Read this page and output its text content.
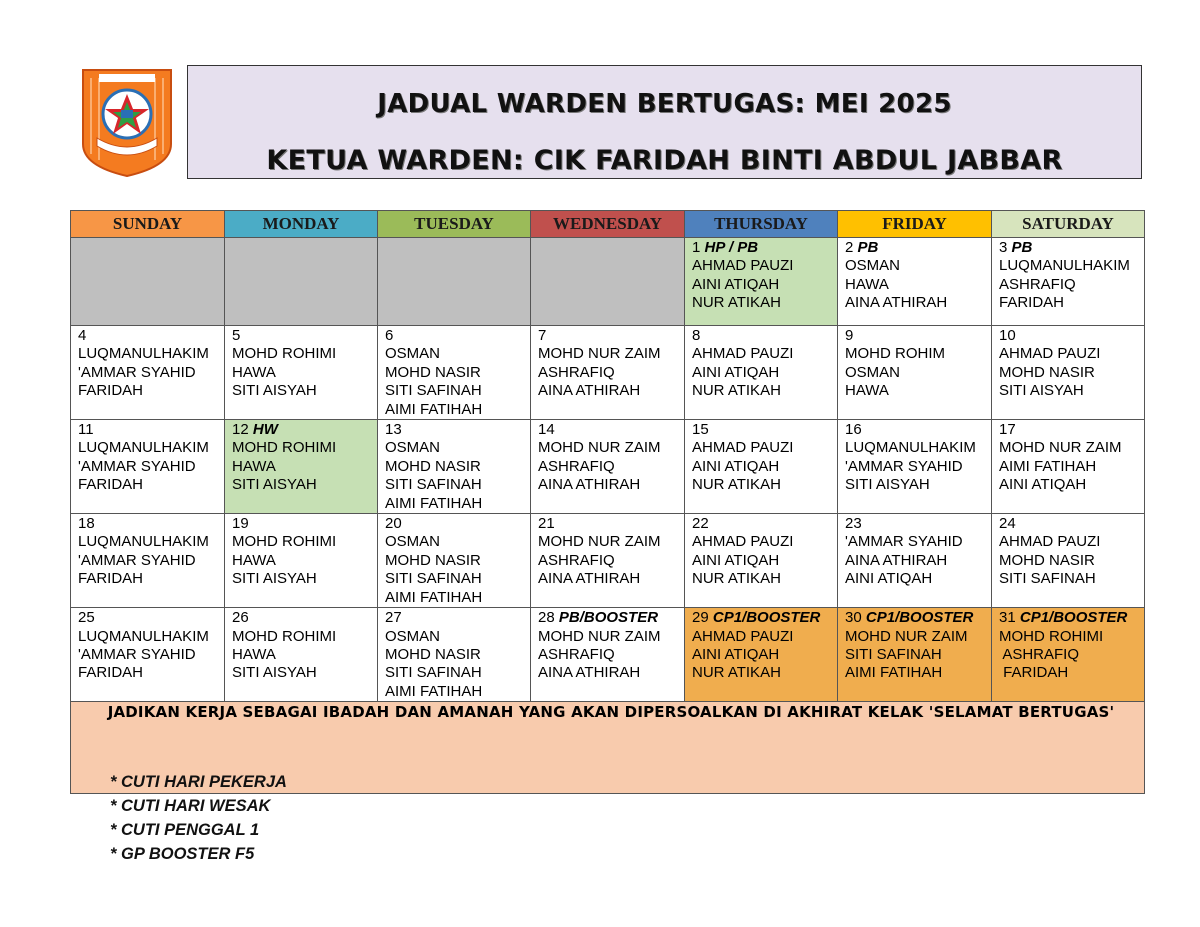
JADUAL WARDEN BERTUGAS: MEI 2025
KETUA WARDEN: CIK FARIDAH BINTI ABDUL JABBAR
SUNDAY	MONDAY	TUESDAY	WEDNESDAY	THURSDAY	FRIDAY	SATURDAY

				1 HP / PB
AHMAD PAUZI
AINI ATIQAH
NUR ATIKAH	2 PB
OSMAN
HAWA
AINA ATHIRAH	3 PB
LUQMANULHAKIM
ASHRAFIQ
FARIDAH

4
LUQMANULHAKIM
'AMMAR SYAHID
FARIDAH	5
MOHD ROHIMI
HAWA
SITI AISYAH	6
OSMAN
MOHD NASIR
SITI SAFINAH
AIMI FATIHAH	7
MOHD NUR ZAIM
ASHRAFIQ
AINA ATHIRAH	8
AHMAD PAUZI
AINI ATIQAH
NUR ATIKAH	9
MOHD ROHIM
OSMAN
HAWA	10
AHMAD PAUZI
MOHD NASIR
SITI AISYAH

11
LUQMANULHAKIM
'AMMAR SYAHID
FARIDAH	12 HW
MOHD ROHIMI
HAWA
SITI AISYAH	13
OSMAN
MOHD NASIR
SITI SAFINAH
AIMI FATIHAH	14
MOHD NUR ZAIM
ASHRAFIQ
AINA ATHIRAH	15
AHMAD PAUZI
AINI ATIQAH
NUR ATIKAH	16
LUQMANULHAKIM
'AMMAR SYAHID
SITI AISYAH	17
MOHD NUR ZAIM
AIMI FATIHAH
AINI ATIQAH

18
LUQMANULHAKIM
'AMMAR SYAHID
FARIDAH	19
MOHD ROHIMI
HAWA
SITI AISYAH	20
OSMAN
MOHD NASIR
SITI SAFINAH
AIMI FATIHAH	21
MOHD NUR ZAIM
ASHRAFIQ
AINA ATHIRAH	22
AHMAD PAUZI
AINI ATIQAH
NUR ATIKAH	23
'AMMAR SYAHID
AINA ATHIRAH
AINI ATIQAH	24
AHMAD PAUZI
MOHD NASIR
SITI SAFINAH

25
LUQMANULHAKIM
'AMMAR SYAHID
FARIDAH	26
MOHD ROHIMI
HAWA
SITI AISYAH	27
OSMAN
MOHD NASIR
SITI SAFINAH
AIMI FATIHAH	28 PB/BOOSTER
MOHD NUR ZAIM
ASHRAFIQ
AINA ATHIRAH	29 CP1/BOOSTER
AHMAD PAUZI
AINI ATIQAH
NUR ATIKAH	30 CP1/BOOSTER
MOHD NUR ZAIM
SITI SAFINAH
AIMI FATIHAH	31 CP1/BOOSTER
MOHD ROHIMI
ASHRAFIQ
FARIDAH

JADIKAN KERJA SEBAGAI IBADAH DAN AMANAH YANG AKAN DIPERSOALKAN DI AKHIRAT KELAK 'SELAMAT BERTUGAS'						
* CUTI HARI PEKERJA
* CUTI HARI WESAK
* CUTI PENGGAL 1
* GP BOOSTER F5
